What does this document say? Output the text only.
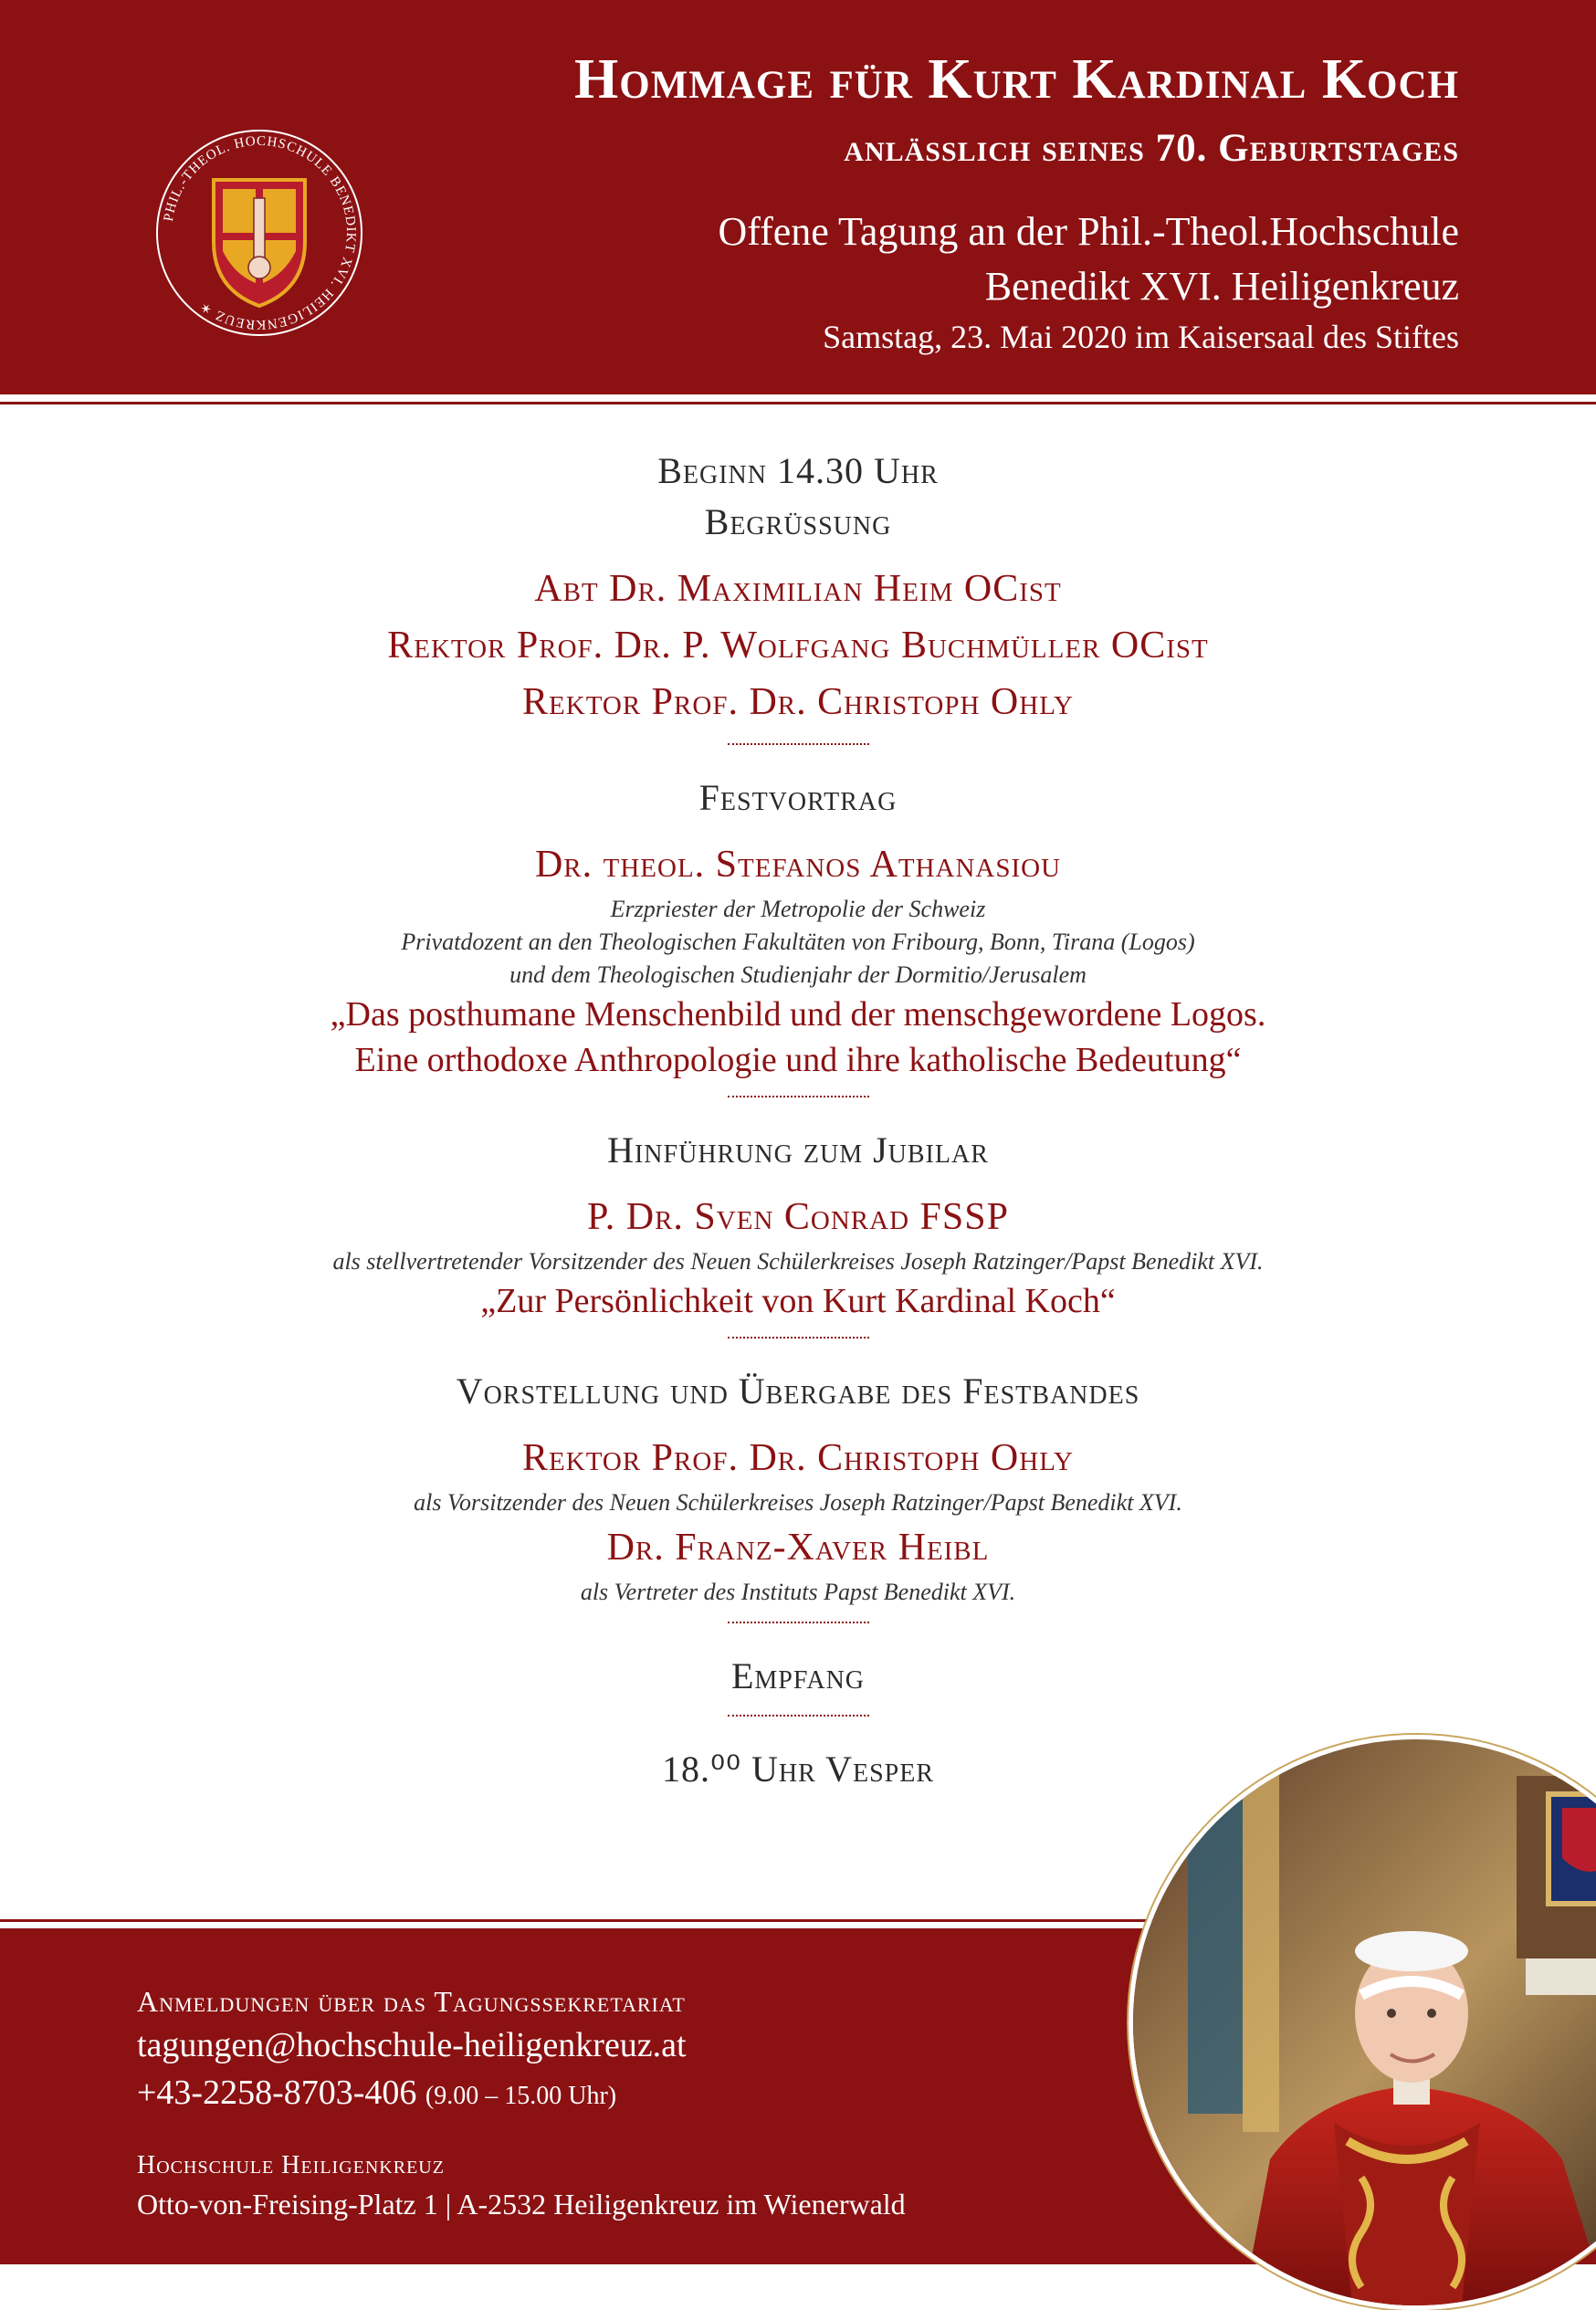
PHIL.-THEOL. HOCHSCHULE BENEDIKT XVI. HEILIGENKREUZ ✶
Hommage für Kurt Kardinal Koch
anlässlich seines 70. Geburtstages
Offene Tagung an der Phil.-Theol.Hochschule
Benedikt XVI. Heiligenkreuz
Samstag, 23. Mai 2020 im Kaisersaal des Stiftes
Beginn 14.30 Uhr
Begrüssung
Abt Dr. Maximilian Heim OCist
Rektor Prof. Dr. P. Wolfgang Buchmüller OCist
Rektor Prof. Dr. Christoph Ohly
Festvortrag
Dr. theol. Stefanos Athanasiou
Erzpriester der Metropolie der Schweiz
Privatdozent an den Theologischen Fakultäten von Fribourg, Bonn, Tirana (Logos)
und dem Theologischen Studienjahr der Dormitio/Jerusalem
„Das posthumane Menschenbild und der menschgewordene Logos.
Eine orthodoxe Anthropologie und ihre katholische Bedeutung“
Hinführung zum Jubilar
P. Dr. Sven Conrad FSSP
als stellvertretender Vorsitzender des Neuen Schülerkreises Joseph Ratzinger/Papst Benedikt XVI.
„Zur Persönlichkeit von Kurt Kardinal Koch“
Vorstellung und Übergabe des Festbandes
Rektor Prof. Dr. Christoph Ohly
als Vorsitzender des Neuen Schülerkreises Joseph Ratzinger/Papst Benedikt XVI.
Dr. Franz-Xaver Heibl
als Vertreter des Instituts Papst Benedikt XVI.
Empfang
18.⁰⁰ Uhr Vesper
Anmeldungen über das Tagungssekretariat
tagungen@hochschule-heiligenkreuz.at
+43-2258-8703-406 (9.00 – 15.00 Uhr)
Hochschule Heiligenkreuz
Otto-von-Freising-Platz 1 | A-2532 Heiligenkreuz im Wienerwald
